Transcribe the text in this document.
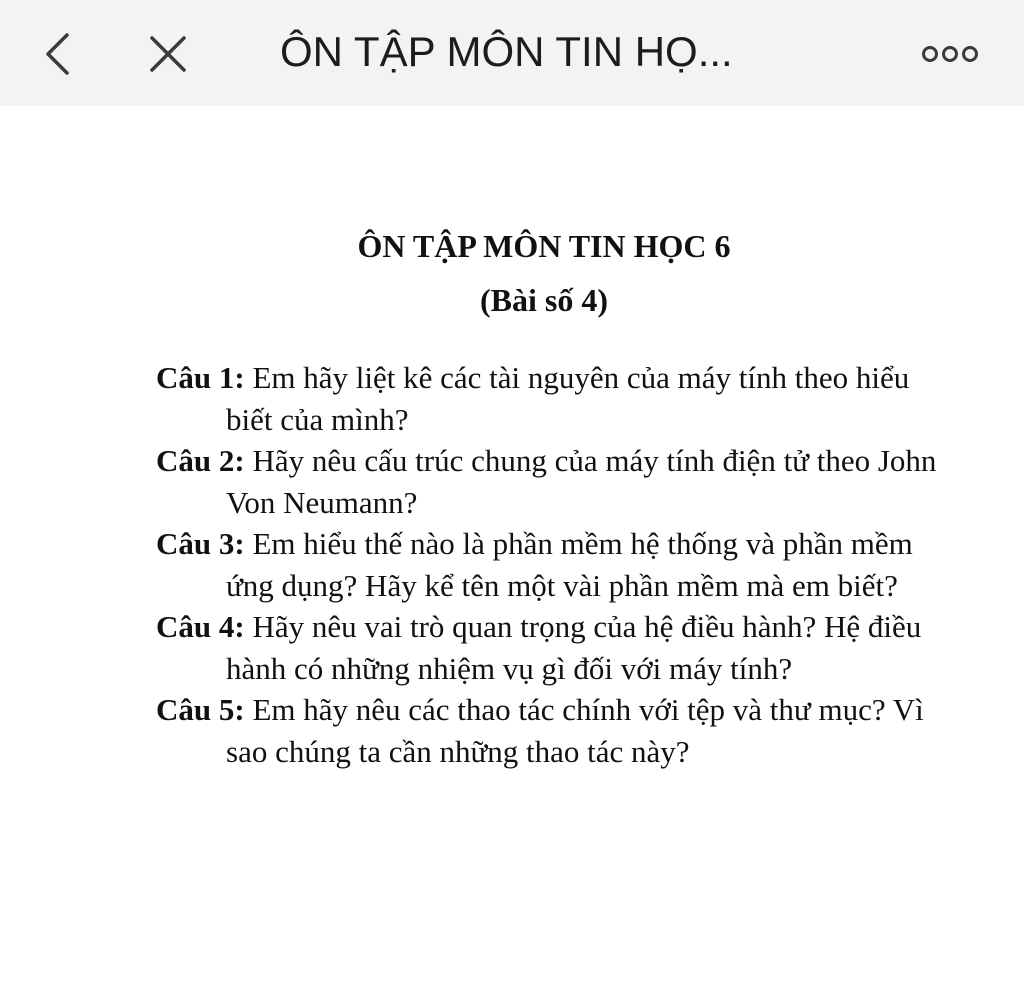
ÔN TẬP MÔN TIN HỌ...
ÔN TẬP MÔN TIN HỌC 6
(Bài số 4)
Câu 1: Em hãy liệt kê các tài nguyên của máy tính theo hiểu biết của mình?
Câu 2: Hãy nêu cấu trúc chung của máy tính điện tử theo John Von Neumann?
Câu 3: Em hiểu thế nào là phần mềm hệ thống và phần mềm ứng dụng? Hãy kể tên một vài phần mềm mà em biết?
Câu 4: Hãy nêu vai trò quan trọng của hệ điều hành? Hệ điều hành có những nhiệm vụ gì đối với máy tính?
Câu 5: Em hãy nêu các thao tác chính với tệp và thư mục? Vì sao chúng ta cần những thao tác này?
